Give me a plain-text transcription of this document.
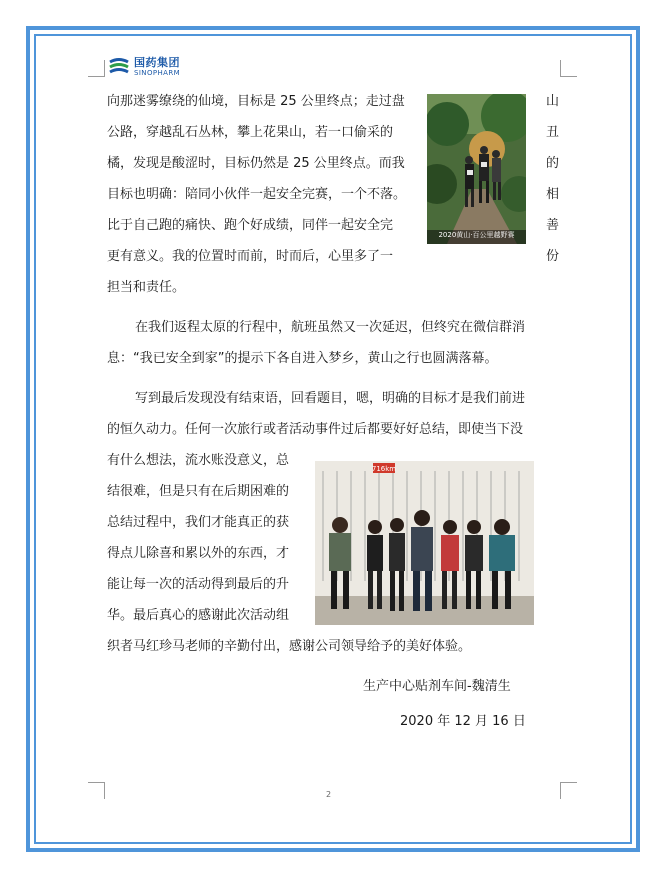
国药集团
SINOPHARM
向那迷雾缭绕的仙境，目标是 25 公里终点；走过盘
公路，穿越乱石丛林，攀上花果山，若一口偷采的
橘，发现是酸涩时，目标仍然是 25 公里终点。而我
目标也明确：陪同小伙伴一起安全完赛，一个不落。
比于自己跑的痛快、跑个好成绩，同伴一起安全完
更有意义。我的位置时而前，时而后，心里多了一
担当和责任。
山
丑
的
相
善
份
2020黄山·百公里越野赛
在我们返程太原的行程中，航班虽然又一次延迟，但终究在微信群消
息：“我已安全到家”的提示下各自进入梦乡，黄山之行也圆满落幕。
写到最后发现没有结束语，回看题目，嗯，明确的目标才是我们前进
的恒久动力。任何一次旅行或者活动事件过后都要好好总结，即使当下没
有什么想法，流水账没意义，总
结很难，但是只有在后期困难的
总结过程中，我们才能真正的获
得点儿除喜和累以外的东西，才
能让每一次的活动得到最后的升
华。最后真心的感谢此次活动组
织者马红珍马老师的辛勤付出，感谢公司领导给予的美好体验。
716km
生产中心贴剂车间-魏清生
2020 年 12 月 16 日
2
